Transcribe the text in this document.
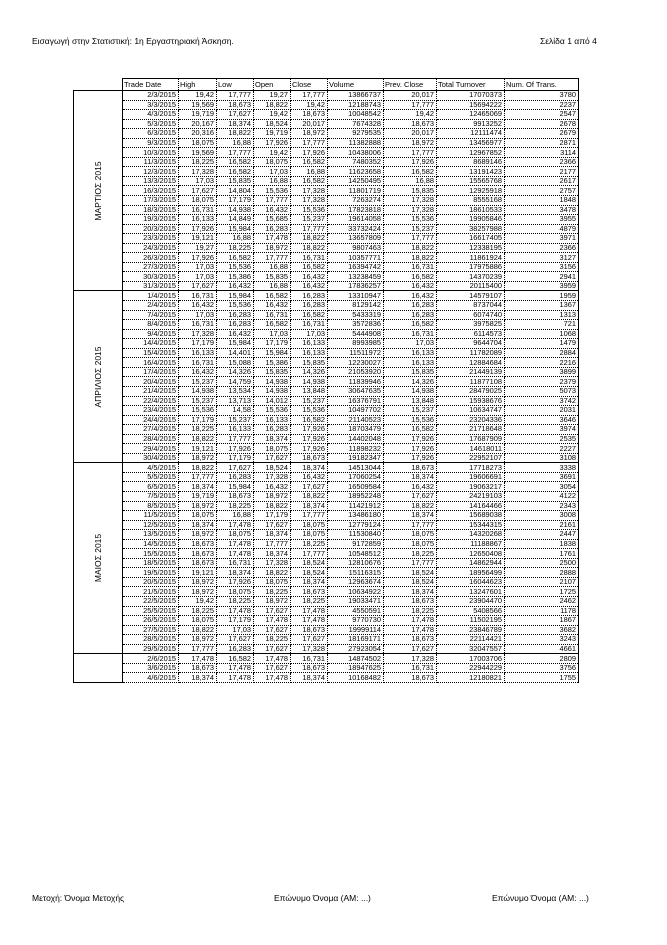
Εισαγωγή στην Στατιστική: 1η Εργαστηριακή Άσκηση.	Σελίδα 1 από 4
	Trade Date	High	Low	Open	Close	Volume	Prev. Close	Total Turnover	Num. Of Trans.

ΜΑΡΤΙΟΣ 2015	2/3/2015	19,42	17,777	19,27	17,777	13866737	20,017	17070373	3780
	3/3/2015	19,569	18,673	18,822	19,42	12188743	17,777	15694222	2237
	4/3/2015	19,719	17,627	19,42	18,673	10048542	19,42	12465069	2547
	5/3/2015	20,167	18,374	18,524	20,017	7674328	18,673	9913252	2678
	6/3/2015	20,316	18,822	19,719	18,972	9279535	20,017	12111474	2679
	9/3/2015	18,075	16,88	17,926	17,777	11382888	18,972	13456977	2871
	10/3/2015	19,569	17,777	19,42	17,926	10438006	17,777	12967852	3114
	11/3/2015	18,225	16,582	18,075	16,582	7480352	17,926	8689146	2366
	12/3/2015	17,328	16,582	17,03	16,88	11623658	16,582	13191423	2177
	13/3/2015	17,03	15,835	16,88	16,582	14250495	16,88	15565768	2617
	16/3/2015	17,627	14,804	15,536	17,328	11801719	15,835	12925918	2757
	17/3/2015	18,075	17,179	17,777	17,328	7263274	17,328	8555168	1848
	18/3/2015	16,731	14,938	16,432	15,536	17823818	17,328	18610533	3478
	19/3/2015	16,133	14,849	15,685	15,237	19614058	15,536	19905846	3955
	20/3/2015	17,926	15,984	16,283	17,777	33732424	15,237	38257988	4879
	23/3/2015	19,121	16,88	17,478	18,822	13657809	17,777	16617405	3971
	24/3/2015	19,27	18,225	18,972	18,822	9807463	18,822	12338195	2366
	26/3/2015	17,926	16,582	17,777	16,731	10357771	18,822	11861924	3127
	27/3/2015	17,03	15,536	16,88	16,582	16394742	16,731	17975886	3156
	30/3/2015	17,03	15,386	15,835	16,432	13238459	16,582	14370239	2941
	31/3/2015	17,627	16,432	16,88	16,432	17836257	16,432	20115400	3959

ΑΠΡΙΛΙΟΣ 2015	1/4/2015	16,731	15,984	16,582	16,283	13310947	16,432	14579107	1959
	2/4/2015	16,432	15,536	16,432	16,283	8129142	16,283	8737044	1367
	7/4/2015	17,03	16,283	16,731	16,582	5433319	16,283	6074740	1313
	8/4/2015	16,731	16,283	16,582	16,731	3572836	16,582	3975825	721
	9/4/2015	17,328	16,432	17,03	17,03	5444908	16,731	6114573	1068
	14/4/2015	17,179	15,984	17,179	16,133	8993985	17,03	9644704	1479
	15/4/2015	16,133	14,401	15,984	16,133	11511972	16,133	11782089	2884
	16/4/2015	16,731	15,088	15,386	15,835	12230027	16,133	12884684	2216
	17/4/2015	16,432	14,326	15,835	14,326	21053920	15,835	21449139	3899
	20/4/2015	15,237	14,759	14,938	14,938	11839946	14,326	11877108	2379
	21/4/2015	14,938	13,534	14,938	13,848	30647635	14,938	28479025	5073
	22/4/2015	15,237	13,713	14,012	15,237	16376791	13,848	15938676	3742
	23/4/2015	15,536	14,58	15,536	15,536	10497702	15,237	10634747	2031
	24/4/2015	17,179	15,237	16,133	16,582	21140523	15,536	23204336	3646
	27/4/2015	18,225	16,133	16,283	17,926	18703479	16,582	21718648	3974
	28/4/2015	18,822	17,777	18,374	17,926	14402048	17,926	17687909	2535
	29/4/2015	19,121	17,926	18,075	17,926	11898232	17,926	14618011	2227
	30/4/2015	18,972	17,179	17,627	18,673	19182347	17,926	22952107	3108

ΜΑΙΟΣ 2015	4/5/2015	18,822	17,627	18,524	18,374	14513044	18,673	17718273	3338
	5/5/2015	17,777	16,283	17,328	16,432	17060254	18,374	19606691	3691
	6/5/2015	18,374	15,984	16,432	17,627	16509584	16,432	19063217	3054
	7/5/2015	19,719	18,673	18,972	18,822	18952248	17,627	24219103	4122
	8/5/2015	18,972	18,225	18,822	18,374	11421912	18,822	14164466	2343
	11/5/2015	18,075	16,88	17,179	17,777	13486180	18,374	15689038	3008
	12/5/2015	18,374	17,478	17,627	18,075	12779124	17,777	15344315	2161
	13/5/2015	18,972	18,075	18,374	18,075	11530840	18,075	14320268	2447
	14/5/2015	18,673	17,478	17,777	18,225	9172859	18,075	11188867	1838
	15/5/2015	18,673	17,478	18,374	17,777	10548512	18,225	12650408	1761
	18/5/2015	18,673	16,731	17,328	18,524	12810676	17,777	14862944	2500
	19/5/2015	19,121	18,374	18,822	18,524	15116315	18,524	18956499	2888
	20/5/2015	18,972	17,926	18,075	18,374	12963674	18,524	16044623	2107
	21/5/2015	18,972	18,075	18,225	18,673	10634922	18,374	13247601	1725
	22/5/2015	19,42	18,225	18,972	18,225	19033471	18,673	23904470	2462
	25/5/2015	18,225	17,478	17,627	17,478	4550591	18,225	5408566	1178
	26/5/2015	18,075	17,179	17,478	17,478	9770730	17,478	11502195	1867
	27/5/2015	18,822	17,03	17,627	18,673	19999114	17,478	23846789	3682
	28/5/2015	18,972	17,627	18,225	17,627	18169171	18,673	22114421	3243
	29/5/2015	17,777	16,283	17,627	17,328	27923054	17,627	32047557	4661

	2/6/2015	17,478	16,582	17,478	16,731	14874502	17,328	17003706	2809
	3/6/2015	18,673	17,478	17,627	18,673	18947625	16,731	22944229	3756
	4/6/2015	18,374	17,478	17,478	18,374	10168482	18,673	12180821	1755
Μετοχή: Όνομα Μετοχής	Επώνυμο Όνομα (ΑΜ: ...)	Επώνυμο Όνομα (ΑΜ: ...)
